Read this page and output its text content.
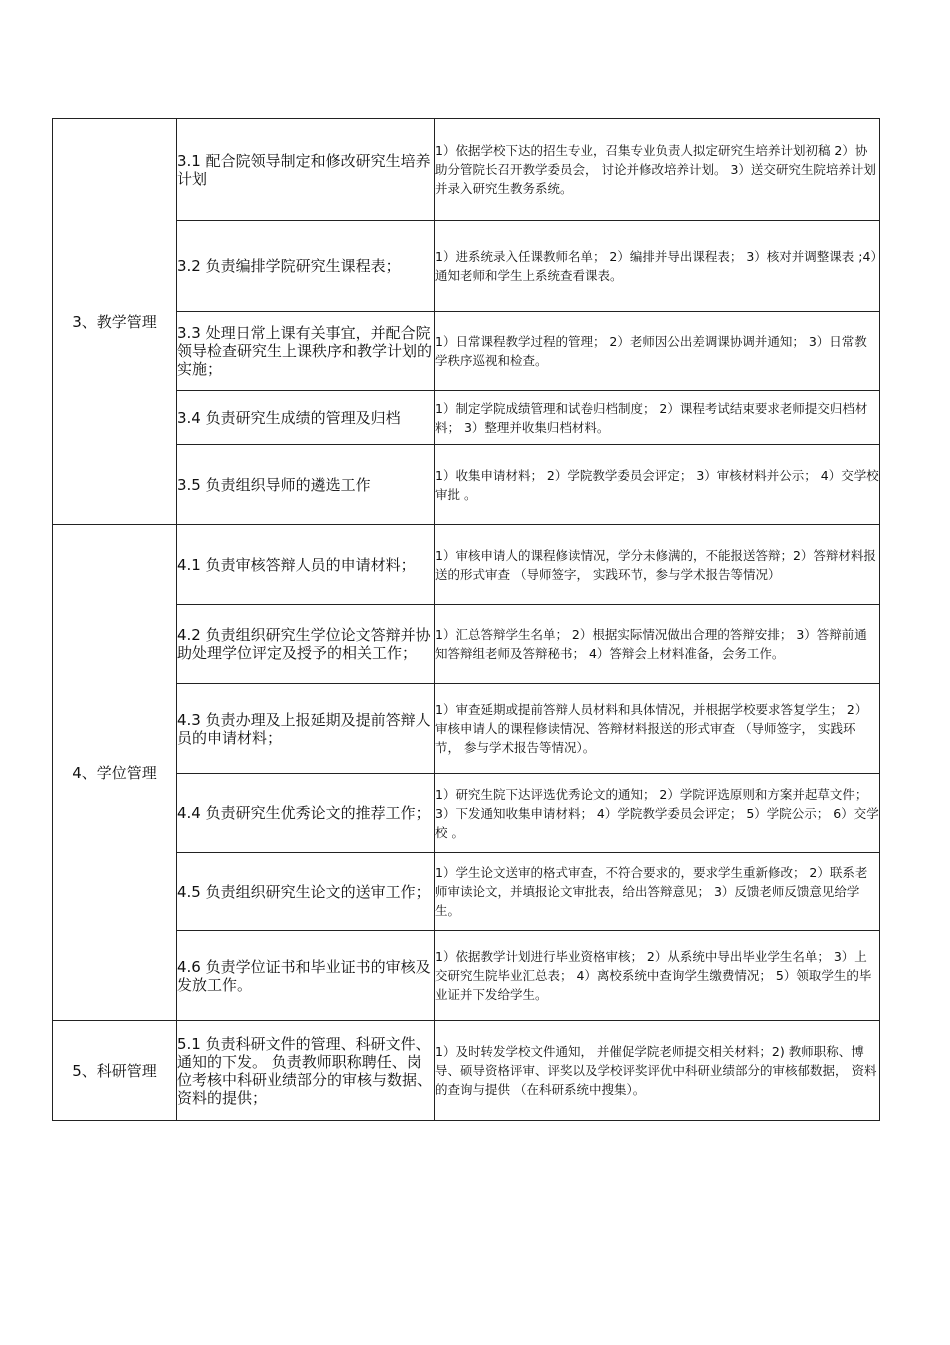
3、教学管理	3.1 配合院领导制定和修改研究生培养计划	1）依据学校下达的招生专业，召集专业负责人拟定研究生培养计划初稿 2）协助分管院长召开教学委员会， 讨论并修改培养计划。 3）送交研究生院培养计划并录入研究生教务系统。
	3.2 负责编排学院研究生课程表；	1）进系统录入任课教师名单； 2）编排并导出课程表； 3）核对并调整课表 ;4）通知老师和学生上系统查看课表。
	3.3 处理日常上课有关事宜，并配合院领导检查研究生上课秩序和教学计划的实施；	1）日常课程教学过程的管理； 2）老师因公出差调课协调并通知； 3）日常教学秩序巡视和检查。
	3.4 负责研究生成绩的管理及归档	1）制定学院成绩管理和试卷归档制度； 2）课程考试结束要求老师提交归档材料； 3）整理并收集归档材料。
	3.5 负责组织导师的遴选工作	1）收集申请材料； 2）学院教学委员会评定； 3）审核材料并公示； 4）交学校审批 。
4、学位管理	4.1 负责审核答辩人员的申请材料；	1）审核申请人的课程修读情况，学分未修满的，不能报送答辩；2）答辩材料报送的形式审查 （导师签字， 实践环节，参与学术报告等情况）
	4.2 负责组织研究生学位论文答辩并协助处理学位评定及授予的相关工作；	1）汇总答辩学生名单； 2）根据实际情况做出合理的答辩安排； 3）答辩前通知答辩组老师及答辩秘书； 4）答辩会上材料准备，会务工作。
	4.3 负责办理及上报延期及提前答辩人员的申请材料；	1）审查延期或提前答辩人员材料和具体情况，并根据学校要求答复学生； 2）审核申请人的课程修读情况、答辩材料报送的形式审查 （导师签字， 实践环节， 参与学术报告等情况）。
	4.4 负责研究生优秀论文的推荐工作；	1）研究生院下达评选优秀论文的通知； 2）学院评选原则和方案并起草文件； 3）下发通知收集申请材料； 4）学院教学委员会评定； 5）学院公示； 6）交学校 。
	4.5 负责组织研究生论文的送审工作；	1）学生论文送审的格式审查，不符合要求的，要求学生重新修改； 2）联系老师审读论文，并填报论文审批表，给出答辩意见； 3）反馈老师反馈意见给学生。
	4.6 负责学位证书和毕业证书的审核及发放工作。	1）依据教学计划进行毕业资格审核； 2）从系统中导出毕业学生名单； 3）上交研究生院毕业汇总表； 4）离校系统中查询学生缴费情况； 5）领取学生的毕业证并下发给学生。
5、科研管理	5.1 负责科研文件的管理、科研文件、通知的下发。 负责教师职称聘任、岗位考核中科研业绩部分的审核与数据、 资料的提供；	1）及时转发学校文件通知， 并催促学院老师提交相关材料；2) 教师职称、博导、硕导资格评审、评奖以及学校评奖评优中科研业绩部分的审核郁数据， 资料的查询与提供 （在科研系统中搜集）。
